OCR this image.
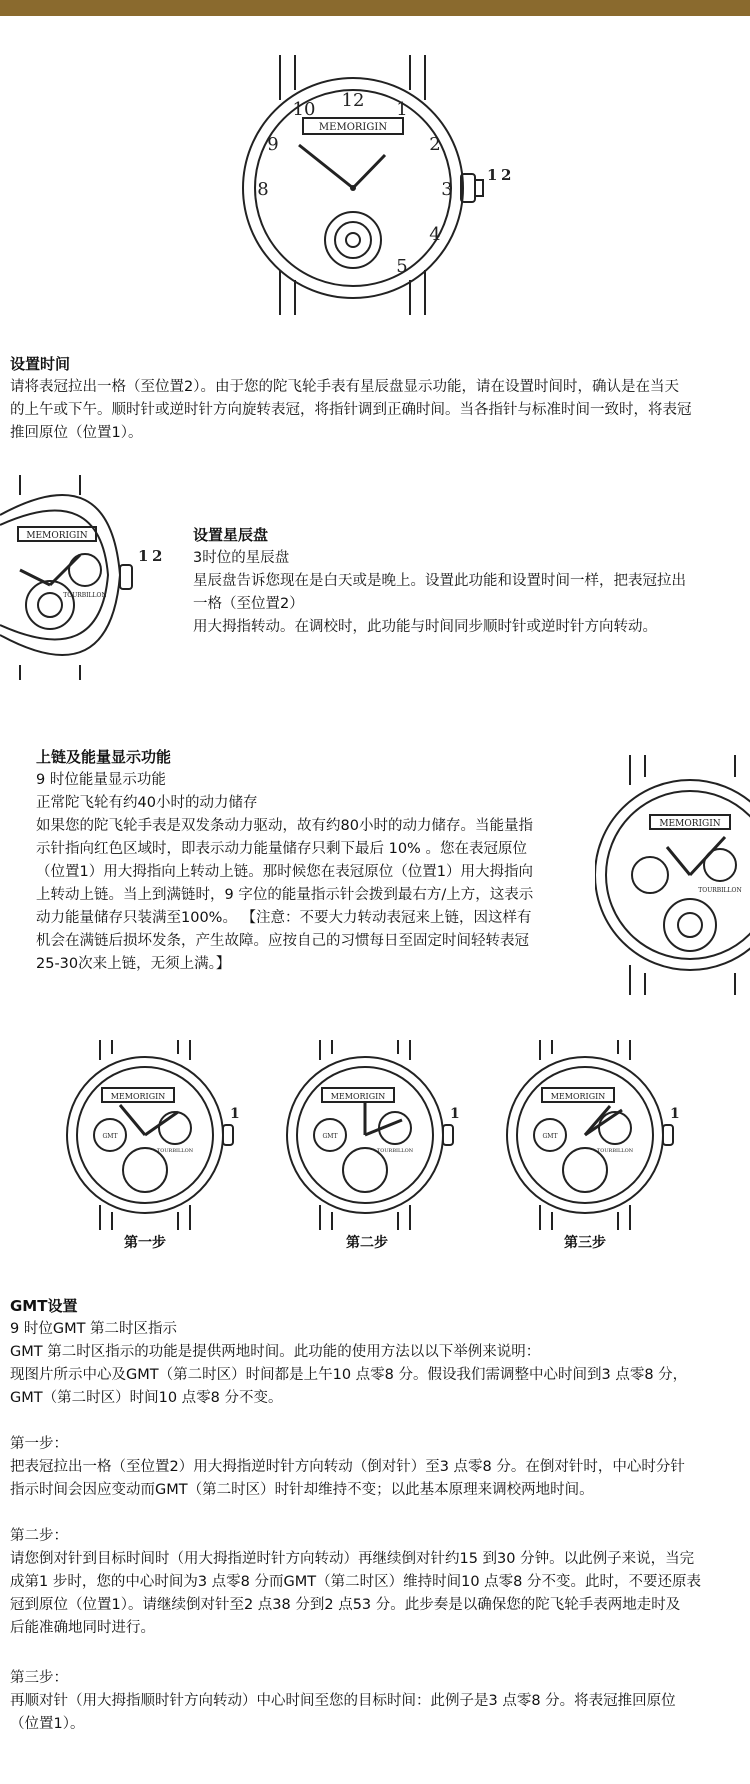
MEMORIGIN
12 1
2
3
4
5
8
9
10
1 2
设置时间
请将表冠拉出一格（至位置2）。由于您的陀飞轮手表有星辰盘显示功能，请在设置时间时，确认是在当天
的上午或下午。顺时针或逆时针方向旋转表冠，将指针调到正确时间。当各指针与标准时间一致时，将表冠
推回原位（位置1）。
MEMORIGIN
TOURBILLON
1 2
设置星辰盘
3时位的星辰盘
星辰盘告诉您现在是白天或是晚上。设置此功能和设置时间一样，把表冠拉出
一格（至位置2）
用大拇指转动。在调校时，此功能与时间同步顺时针或逆时针方向转动。
上链及能量显示功能
9 时位能量显示功能
正常陀飞轮有约40小时的动力储存
如果您的陀飞轮手表是双发条动力驱动，故有约80小时的动力储存。当能量指
示针指向红色区域时，即表示动力能量储存只剩下最后 10% 。您在表冠原位
（位置1）用大拇指向上转动上链。那时候您在表冠原位（位置1）用大拇指向
上转动上链。当上到满链时，9 字位的能量指示针会拨到最右方/上方，这表示
动力能量储存只装满至100%。 【注意：不要大力转动表冠来上链，因这样有
机会在满链后损坏发条，产生故障。应按自己的习惯每日至固定时间轻转表冠
25-30次来上链，无须上满。】
MEMORIGIN
TOURBILLON
MEMORIGIN
GMT
TOURBILLON
1
MEMORIGIN
GMT
TOURBILLON
1
MEMORIGIN
GMT
TOURBILLON
1
第一步	第二步	第三步
GMT设置
9 时位GMT 第二时区指示
GMT 第二时区指示的功能是提供两地时间。此功能的使用方法以以下举例来说明：
现图片所示中心及GMT（第二时区）时间都是上午10 点零8 分。假设我们需调整中心时间到3 点零8 分，
GMT（第二时区）时间10 点零8 分不变。
第一步：
把表冠拉出一格（至位置2）用大拇指逆时针方向转动（倒对针）至3 点零8 分。在倒对针时，中心时分针
指示时间会因应变动而GMT（第二时区）时针却维持不变；以此基本原理来调校两地时间。
第二步：
请您倒对针到目标时间时（用大拇指逆时针方向转动）再继续倒对针约15 到30 分钟。以此例子来说，当完
成第1 步时，您的中心时间为3 点零8 分而GMT（第二时区）维持时间10 点零8 分不变。此时，不要还原表
冠到原位（位置1）。请继续倒对针至2 点38 分到2 点53 分。此步奏是以确保您的陀飞轮手表两地走时及
后能准确地同时进行。
第三步：
再顺对针（用大拇指顺时针方向转动）中心时间至您的目标时间：此例子是3 点零8 分。将表冠推回原位
（位置1）。
